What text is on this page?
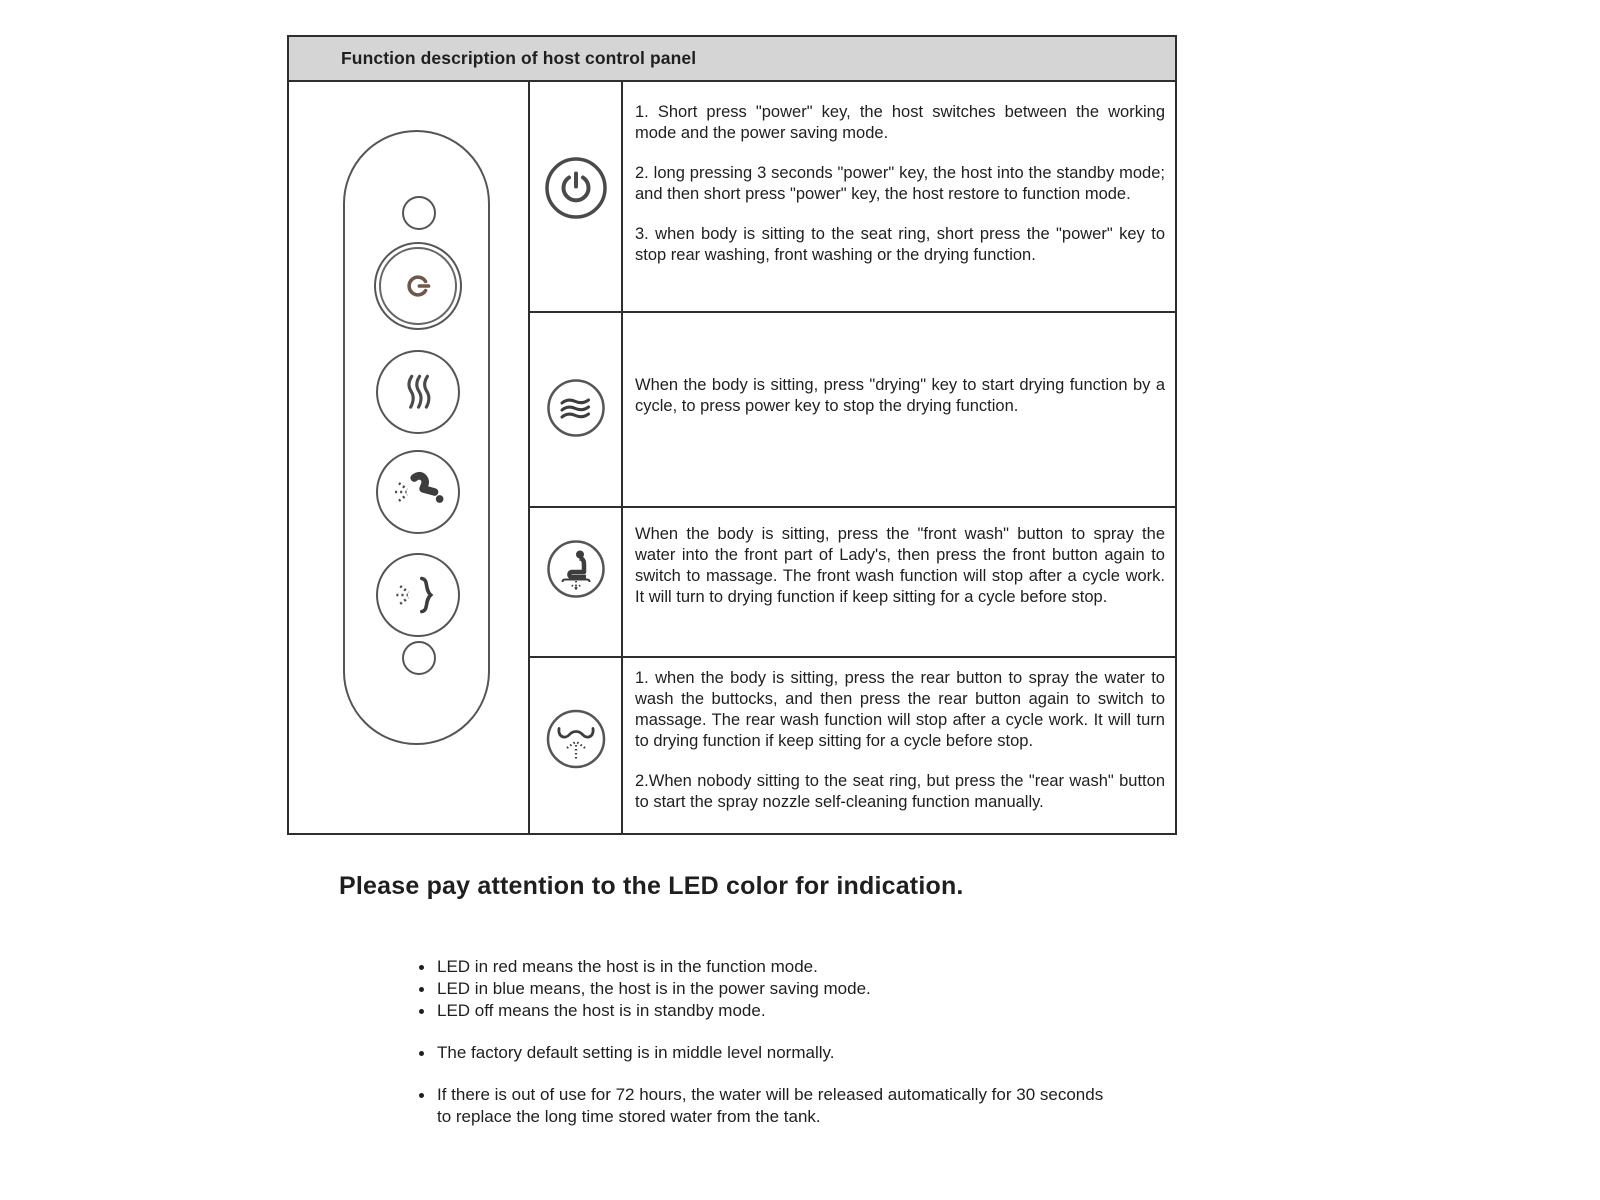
Function description of host control panel

1. Short press "power" key, the host switches between the working mode and the power saving mode.

2. long pressing 3 seconds "power" key, the host into the standby mode; and then short press "power" key, the host restore to function mode.

3. when body is sitting to the seat ring, short press the "power" key to stop rear washing, front washing or the drying function.

When the body is sitting, press "drying" key to start drying function by a cycle, to press power key to stop the drying function.

When the body is sitting, press the "front wash" button to spray the water into the front part of Lady's, then press the front button again to switch to massage. The front wash function will stop after a cycle work. It will turn to drying function if keep sitting for a cycle before stop.

1. when the body is sitting, press the rear button to spray the water to wash the buttocks, and then press the rear button again to switch to massage. The rear wash function will stop after a cycle work. It will turn to drying function if keep sitting for a cycle before stop.

2.When nobody sitting to the seat ring, but press the "rear wash" button to start the spray nozzle self-cleaning function manually.

Please pay attention to the LED color for indication.
LED in red means the host is in the function mode.
LED in blue means, the host is in the power saving mode.
LED off means the host is in standby mode.
The factory default setting is in middle level normally.
If there is out of use for 72 hours, the water will be released automatically for 30 seconds to replace the long time stored water from the tank.
